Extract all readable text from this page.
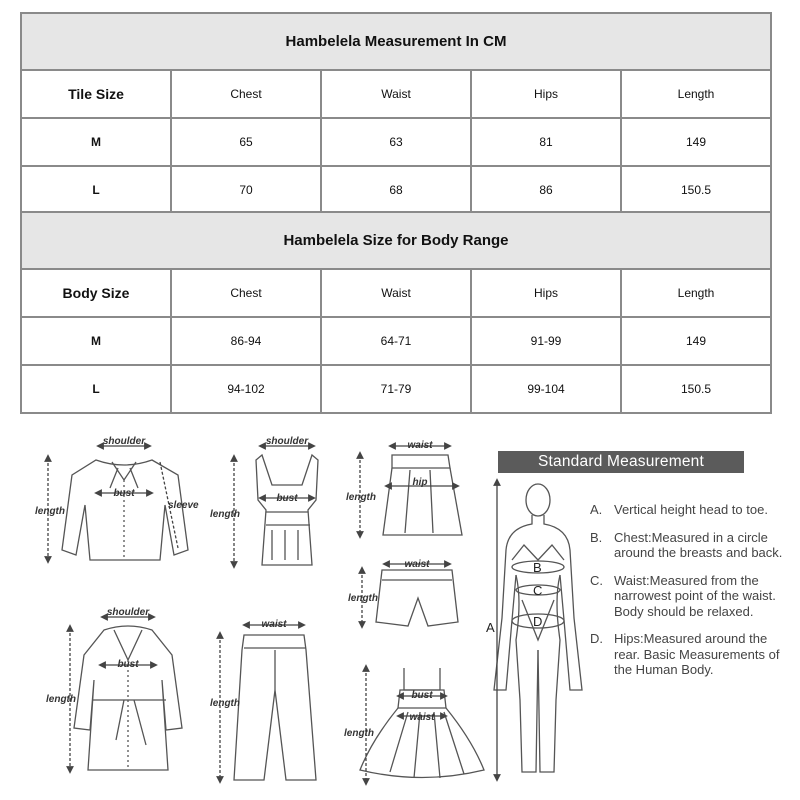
Hambelela Measurement In CM				
Tile Size	Chest	Waist	Hips	Length
M	65	63	81	149
L	70	68	86	150.5
Hambelela Size for Body Range				
Body Size	Chest	Waist	Hips	Length
M	86-94	64-71	91-99	149
L	94-102	71-79	99-104	150.5
shoulder
length
bust
sleeve
shoulder
length
bust
waist
length
hip
waist
length
shoulder
length
bust
waist
length
bust
waist
length
A
B
C
D
Standard Measurement
A. Vertical height head to toe.
B. Chest:Measured in a circle around the breasts and back.
C. Waist:Measured from the narrowest point of the waist. Body should be relaxed.
D. Hips:Measured around the rear. Basic Measurements of the Human Body.
